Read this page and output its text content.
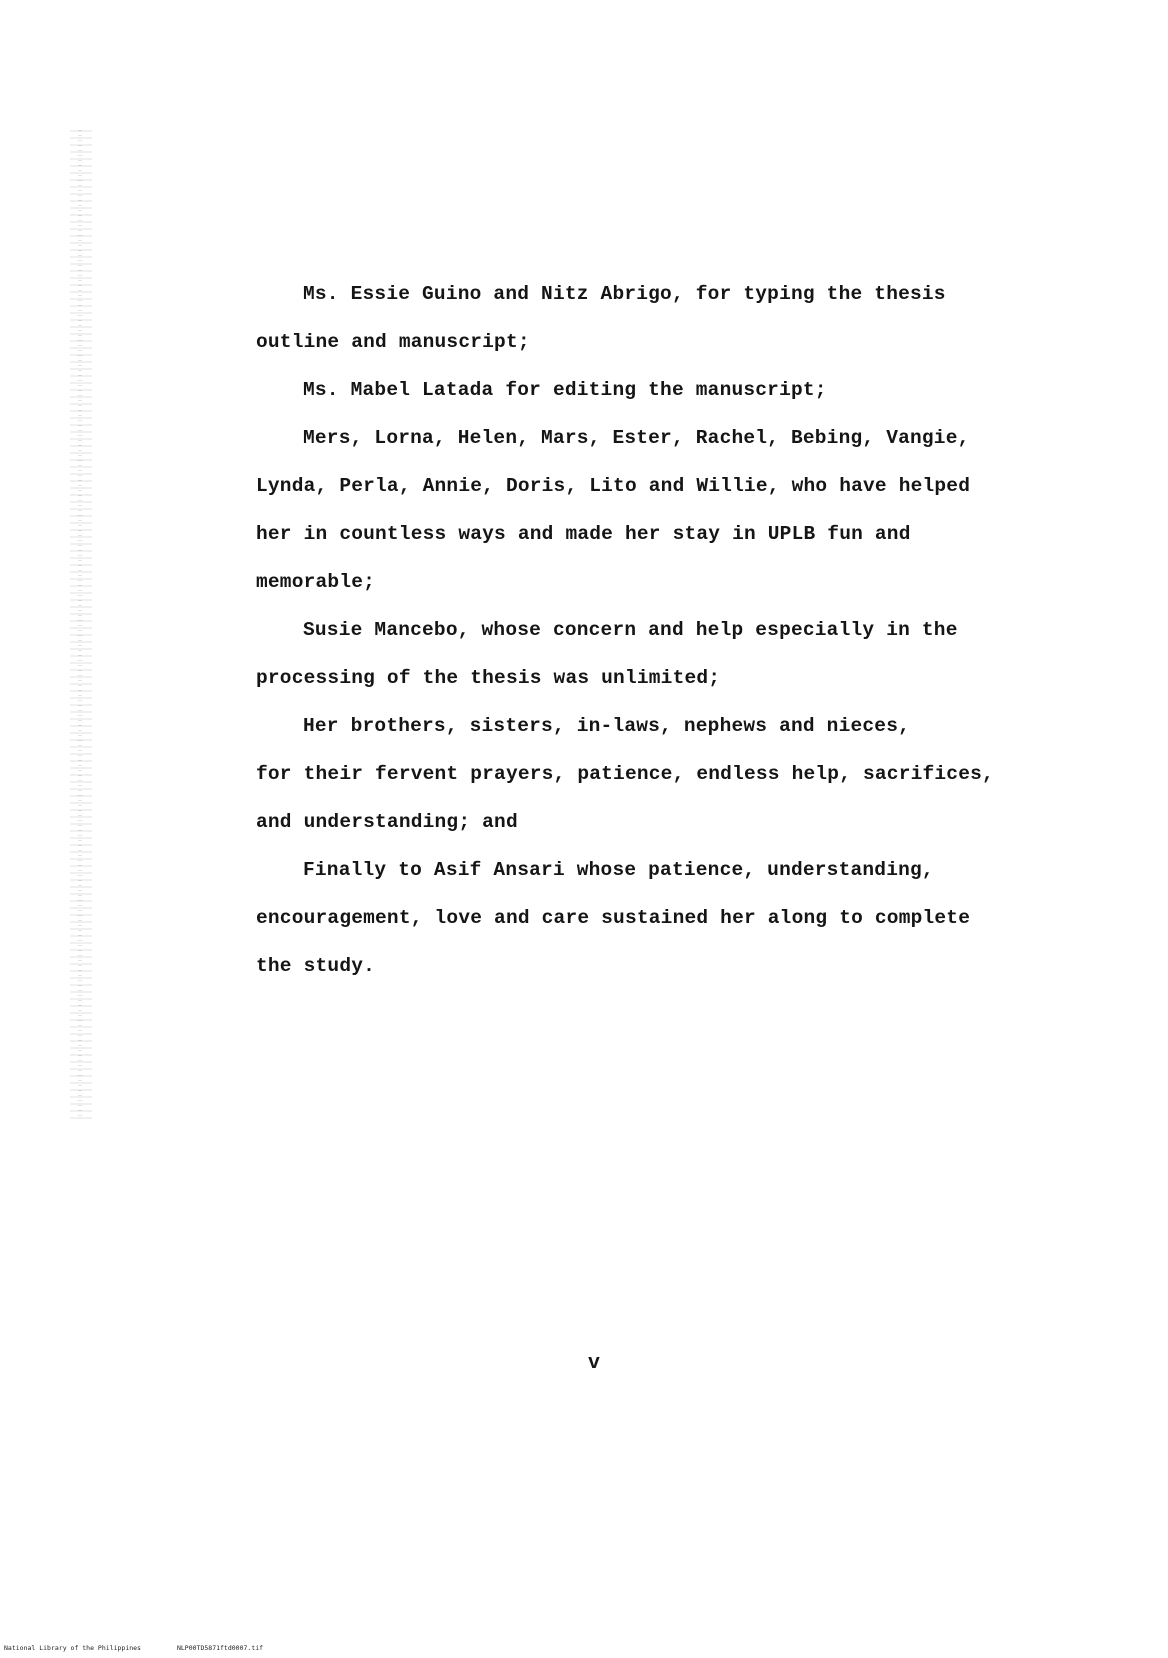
Ms. Essie Guino and Nitz Abrigo, for typing the thesis
outline and manuscript;
Ms. Mabel Latada for editing the manuscript;
Mers, Lorna, Helen, Mars, Ester, Rachel, Bebing, Vangie,
Lynda, Perla, Annie, Doris, Lito and Willie, who have helped
her in countless ways and made her stay in UPLB fun and
memorable;
Susie Mancebo, whose concern and help especially in the
processing of the thesis was unlimited;
Her brothers, sisters, in-laws, nephews and nieces,
for their fervent prayers, patience, endless help, sacrifices,
and understanding; and
Finally to Asif Ansari whose patience, understanding,
encouragement, love and care sustained her along to complete
the study.
v
National Library of the Philippines	NLP00TD5871ftd0007.tif
